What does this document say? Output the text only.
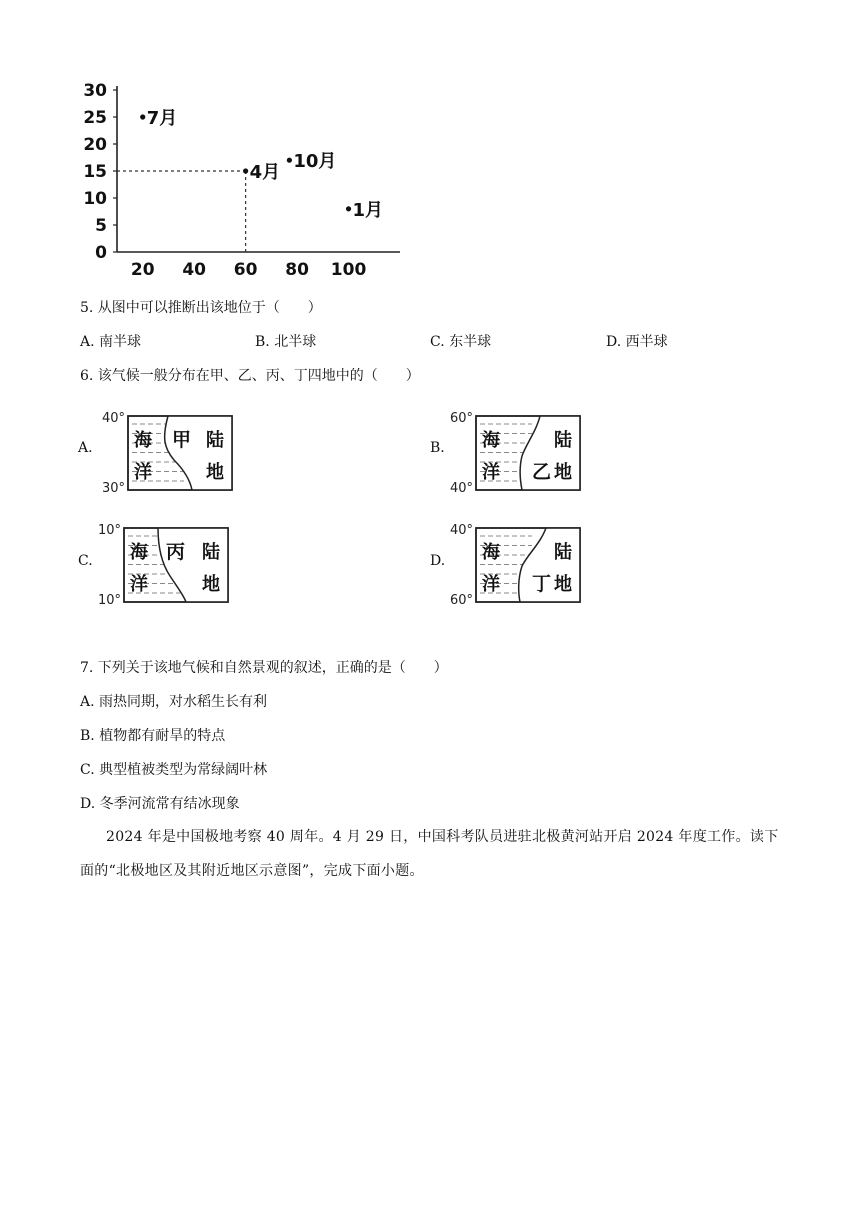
0
5
10
15
20
25
30
20 40 60 80 100
7月
4月
10月
1月
5. 从图中可以推断出该地位于（　　）
A. 南半球	B. 北半球	C. 东半球	D. 西半球
6. 该气候一般分布在甲、乙、丙、丁四地中的（　　）
A.
40°
30°
海
洋
陆
地
甲	B.
60°
40°
海
洋
陆
地
乙
C.
10°
10°
海
洋
陆
地
丙	D.
40°
60°
海
洋
陆
地
丁
7. 下列关于该地气候和自然景观的叙述，正确的是（　　）
A. 雨热同期，对水稻生长有利
B. 植物都有耐旱的特点
C. 典型植被类型为常绿阔叶林
D. 冬季河流常有结冰现象
2024 年是中国极地考察 40 周年。4 月 29 日，中国科考队员进驻北极黄河站开启 2024 年度工作。读下
面的“北极地区及其附近地区示意图”，完成下面小题。
